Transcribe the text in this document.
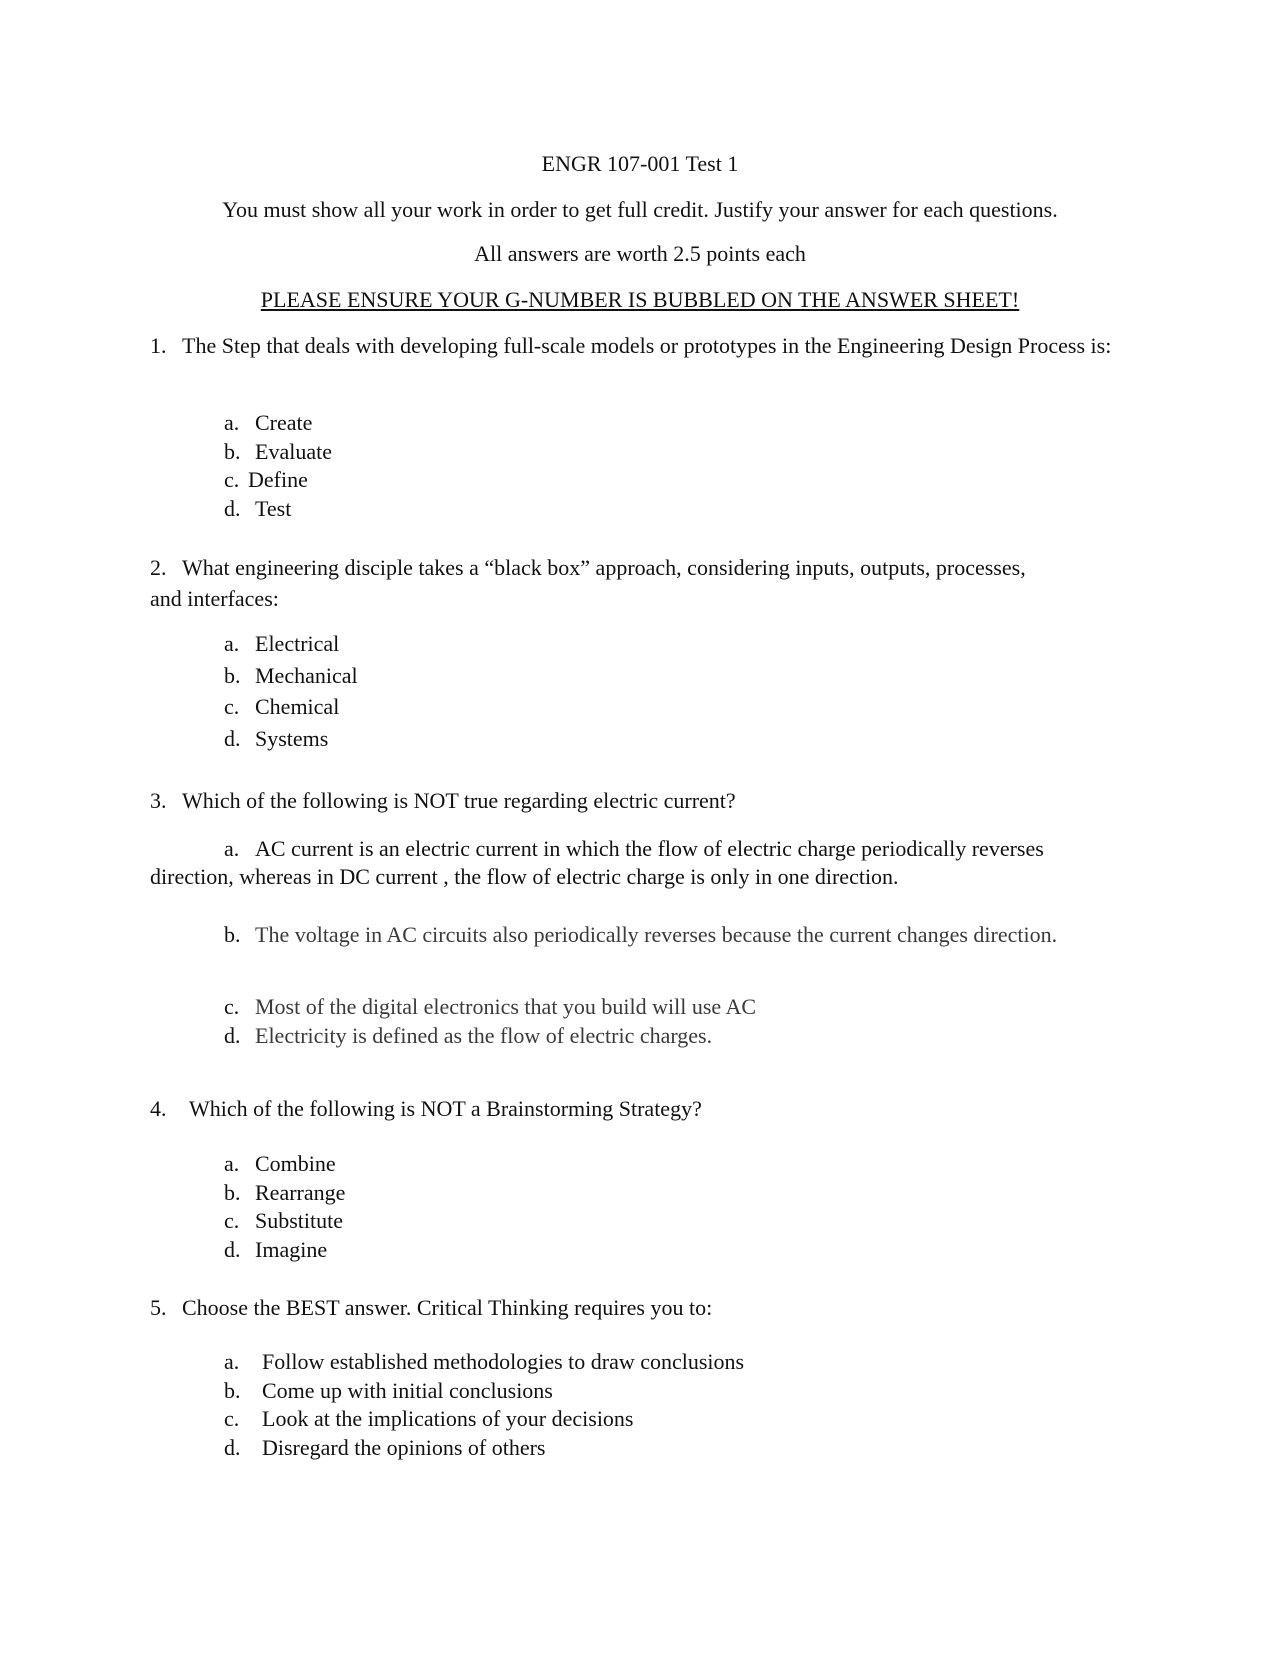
ENGR 107-001 Test 1
You must show all your work in order to get full credit. Justify your answer for each questions.
All answers are worth 2.5 points each
PLEASE ENSURE YOUR G-NUMBER IS BUBBLED ON THE ANSWER SHEET!

1. The Step that deals with developing full-scale models or prototypes in the Engineering Design Process is:

a. Create
b. Evaluate
c. Define
d. Test

2. What engineering disciple takes a “black box” approach, considering inputs, outputs, processes, and interfaces:

a. Electrical
b. Mechanical
c. Chemical
d. Systems

3. Which of the following is NOT true regarding electric current?

a. AC current is an electric current in which the flow of electric charge periodically reverses direction, whereas in DC current , the flow of electric charge is only in one direction.

b. The voltage in AC circuits also periodically reverses because the current changes direction.

c. Most of the digital electronics that you build will use AC
d. Electricity is defined as the flow of electric charges.

4. Which of the following is NOT a Brainstorming Strategy?

a. Combine
b. Rearrange
c. Substitute
d. Imagine

5. Choose the BEST answer. Critical Thinking requires you to:

a. Follow established methodologies to draw conclusions
b. Come up with initial conclusions
c. Look at the implications of your decisions
d. Disregard the opinions of others
